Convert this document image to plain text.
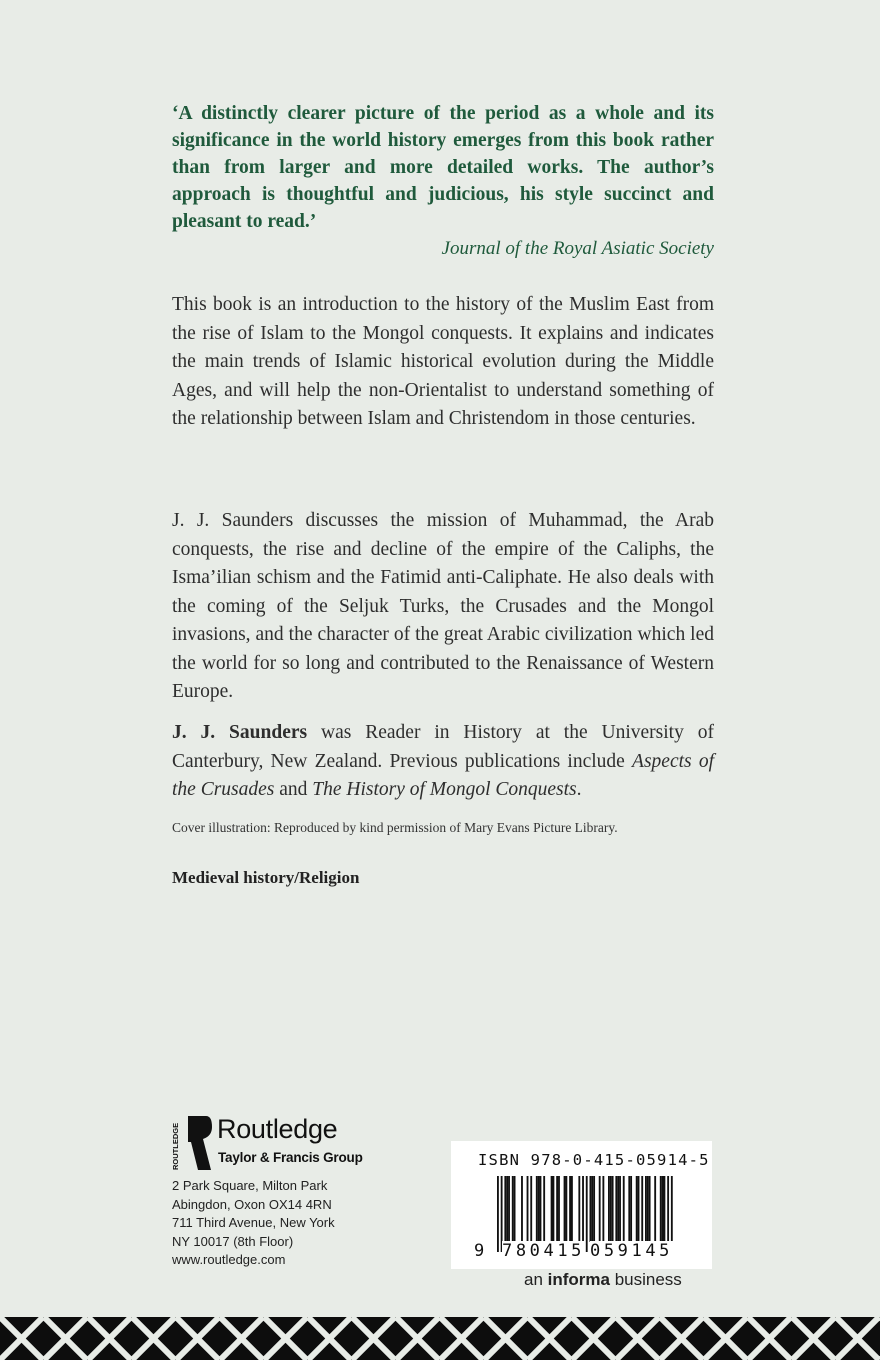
‘A distinctly clearer picture of the period as a whole and its significance in the world history emerges from this book rather than from larger and more detailed works. The author’s approach is thoughtful and judicious, his style succinct and pleasant to read.’

Journal of the Royal Asiatic Society

This book is an introduction to the history of the Muslim East from the rise of Islam to the Mongol conquests. It explains and indicates the main trends of Islamic historical evolution during the Middle Ages, and will help the non-Orientalist to understand something of the relationship between Islam and Christendom in those centuries.

J. J. Saunders discusses the mission of Muhammad, the Arab conquests, the rise and decline of the empire of the Caliphs, the Isma’ilian schism and the Fatimid anti-Caliphate. He also deals with the coming of the Seljuk Turks, the Crusades and the Mongol invasions, and the character of the great Arabic civilization which led the world for so long and contributed to the Renaissance of Western Europe.

J. J. Saunders was Reader in History at the University of Canterbury, New Zealand. Previous publications include Aspects of the Crusades and The History of Mongol Conquests.

Cover illustration: Reproduced by kind permission of Mary Evans Picture Library.
Medieval history/Religion
ROUTLEDGE Routledge
Taylor & Francis Group
2 Park Square, Milton Park
Abingdon, Oxon OX14 4RN
711 Third Avenue, New York
NY 10017 (8th Floor)
www.routledge.com
ISBN 978-0-415-05914-5
9 780415 059145
an informa business
